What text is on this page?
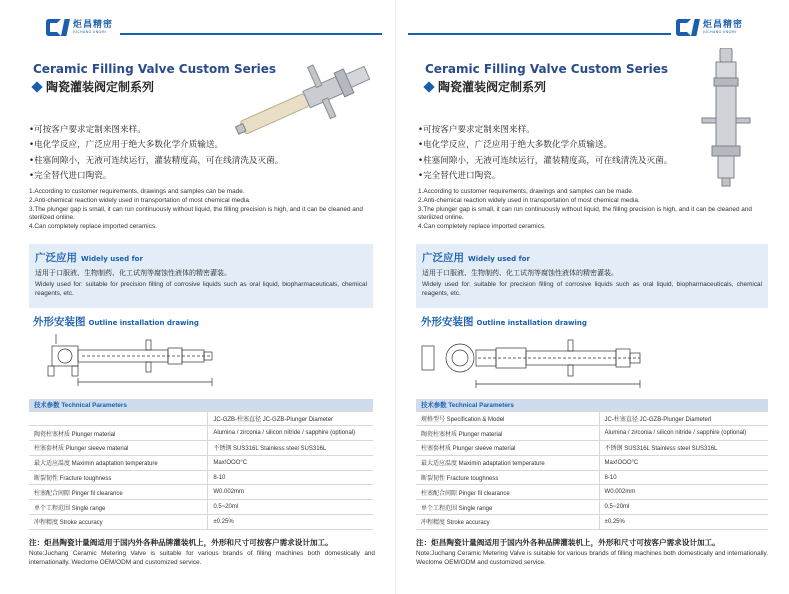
炬昌精密
JUCHANG JINGMI
Ceramic Filling Valve Custom Series
陶瓷灌装阀定制系列
•可按客户要求定制来图来样。
•电化学反应，广泛应用于绝大多数化学介质输送。
•柱塞间隙小，无液可连续运行，灌装精度高，可在线清洗及灭菌。
•完全替代进口陶瓷。
1.According to customer requirements, drawings and samples can be made.
2.Anti-chemical reaction widely used in transportation of most chemical media.
3.The plunger gap is small, it can run continuously without liquid, the filling precision is high, and it can be cleaned and sterilized online.
4.Can completely replace imported ceramics.
广泛应用 Widely used for
适用于口服液、生物制药、化工试剂等腐蚀性液体的精密灌装。
Widely used for: suitable for precision filling of corrosive liquids such as oral liquid, biopharmaceuticals, chemical reagents, etc.
外形安装图 Outline installation drawing
技术参数 Technical Parameters	
	JC-GZB-柱塞直径 JC-GZB-Plunger Diameter
陶瓷柱塞材质 Plunger material	Alumina / zirconia / silicon nitride / sapphire (optional)
柱塞套材质 Plunger sleeve material	不锈钢 SUS316L Stainless steel SUS316L
最大适应温度 Maximin adaptation temperature	Max!OOO°C
断裂韧性 Fracture toughness	8-10
柱塞配合间隙 Pinger fil clearance	W0.002mm
单个工程范围 Single range	0.5~20ml
冲程精度 Stroke accuracy	±0.25%
注：炬昌陶瓷计量阀适用于国内外各种品牌灌装机上，外形和尺寸可按客户需求设计加工。
Note:Juchang Ceramic Metering Valve is suitable for various brands of filling machines both domestically and internationally. Weclome OEM/ODM and customized service.
炬昌精密
JUCHANG JINGMI
Ceramic Filling Valve Custom Series
陶瓷灌装阀定制系列
•可按客户要求定制来图来样。
•电化学反应，广泛应用于绝大多数化学介质输送。
•柱塞间隙小，无液可连续运行，灌装精度高，可在线清洗及灭菌。
•完全替代进口陶瓷。
1.According to customer requirements, drawings and samples can be made.
2.Anti-chemical reaction widely used in transportation of most chemical media.
3.The plunger gap is small, it can run continuously without liquid, the filling precision is high, and it can be cleaned and sterilized online.
4.Can completely replace imported ceramics.
广泛应用 Widely used for
适用于口服液、生物制药、化工试剂等腐蚀性液体的精密灌装。
Widely used for: suitable for precision filling of corrosive liquids such as oral liquid, biopharmaceuticals, chemical reagents, etc.
外形安装图 Outline installation drawing
技术参数 Technical Parameters	
规格型号 Specification & Model	JC-柱塞直径 JC-GZB-Plunger Diameterl
陶瓷柱塞材质 Plunger material	Alumina / zirconia / silicon nitride / sapphire (optional)
柱塞套材质 Plunger sleeve material	不锈钢 SUS316L Stainless steel SUS316L
最大适应温度 Maximin adaptation temperature	Max!OOO°C
断裂韧性 Fracture toughness	8-10
柱塞配合间隙 Pinger fil clearance	W0.002mm
单个工程范围 Single range	0.5~20ml
冲程精度 Stroke accuracy	±0.25%
注：炬昌陶瓷计量阀适用于国内外各种品牌灌装机上，外形和尺寸可按客户需求设计加工。
Note:Juchang Ceramic Metering Valve is suitable for various brands of filling machines both domestically and internationally. Weclome OEM/ODM and customized service.
